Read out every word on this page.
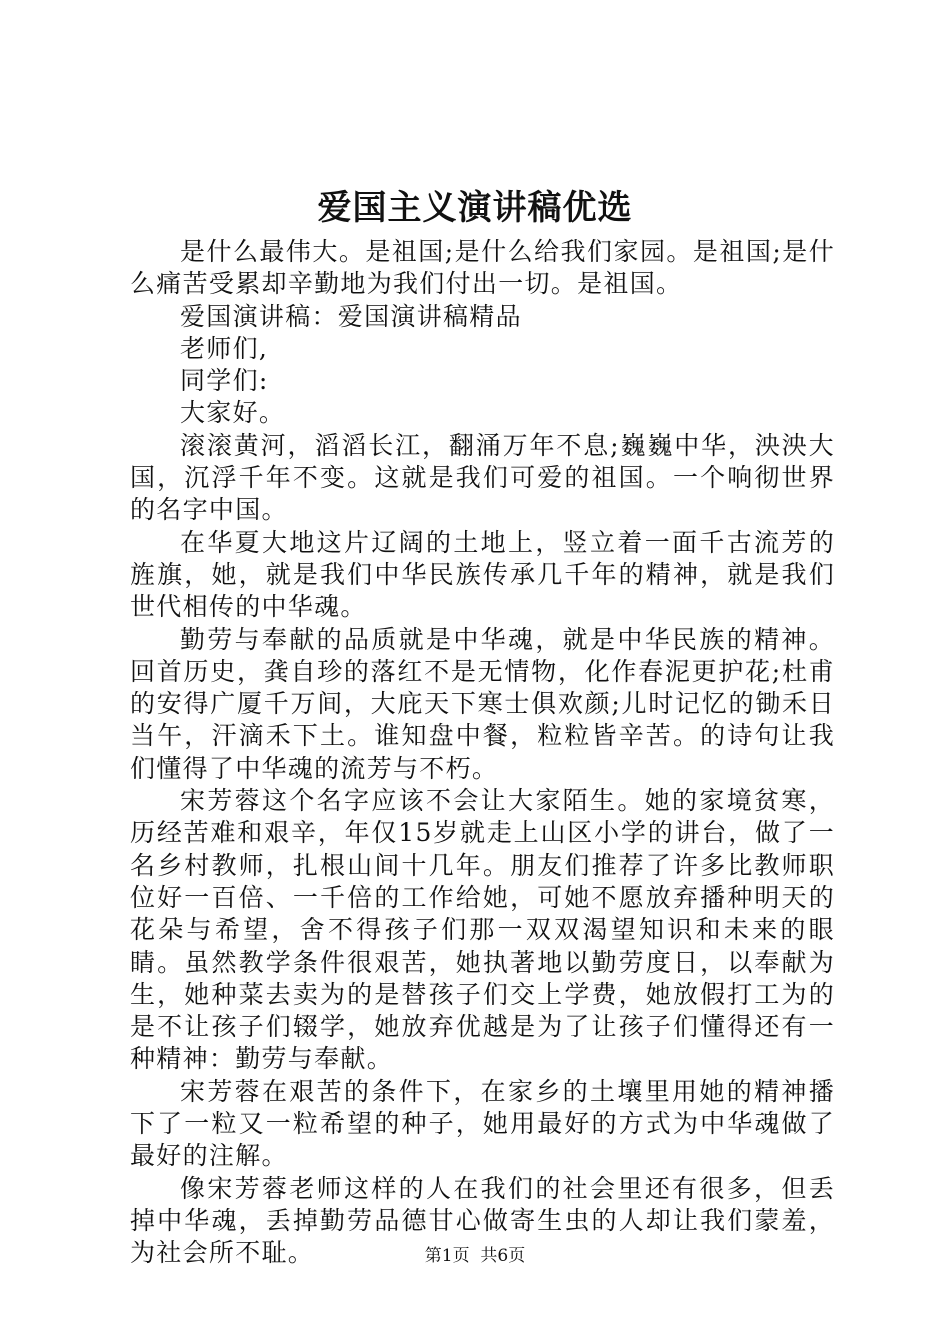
爱国主义演讲稿优选

是什么最伟大。是祖国;是什么给我们家园。是祖国;是什么痛苦受累却辛勤地为我们付出一切。是祖国。

爱国演讲稿：爱国演讲稿精品

老师们,

同学们:

大家好。

滚滚黄河，滔滔长江，翻涌万年不息;巍巍中华，泱泱大国，沉浮千年不变。这就是我们可爱的祖国。一个响彻世界的名字中国。

在华夏大地这片辽阔的土地上，竖立着一面千古流芳的旌旗，她，就是我们中华民族传承几千年的精神，就是我们世代相传的中华魂。

勤劳与奉献的品质就是中华魂，就是中华民族的精神。回首历史，龚自珍的落红不是无情物，化作春泥更护花;杜甫的安得广厦千万间，大庇天下寒士俱欢颜;儿时记忆的锄禾日当午，汗滴禾下土。谁知盘中餐，粒粒皆辛苦。的诗句让我们懂得了中华魂的流芳与不朽。

宋芳蓉这个名字应该不会让大家陌生。她的家境贫寒，历经苦难和艰辛，年仅15岁就走上山区小学的讲台，做了一名乡村教师，扎根山间十几年。朋友们推荐了许多比教师职位好一百倍、一千倍的工作给她，可她不愿放弃播种明天的花朵与希望，舍不得孩子们那一双双渴望知识和未来的眼睛。虽然教学条件很艰苦，她执著地以勤劳度日，以奉献为生，她种菜去卖为的是替孩子们交上学费，她放假打工为的是不让孩子们辍学，她放弃优越是为了让孩子们懂得还有一种精神：勤劳与奉献。

宋芳蓉在艰苦的条件下，在家乡的土壤里用她的精神播下了一粒又一粒希望的种子，她用最好的方式为中华魂做了最好的注解。

像宋芳蓉老师这样的人在我们的社会里还有很多，但丢掉中华魂，丢掉勤劳品德甘心做寄生虫的人却让我们蒙羞，为社会所不耻。	第1页  共6页
